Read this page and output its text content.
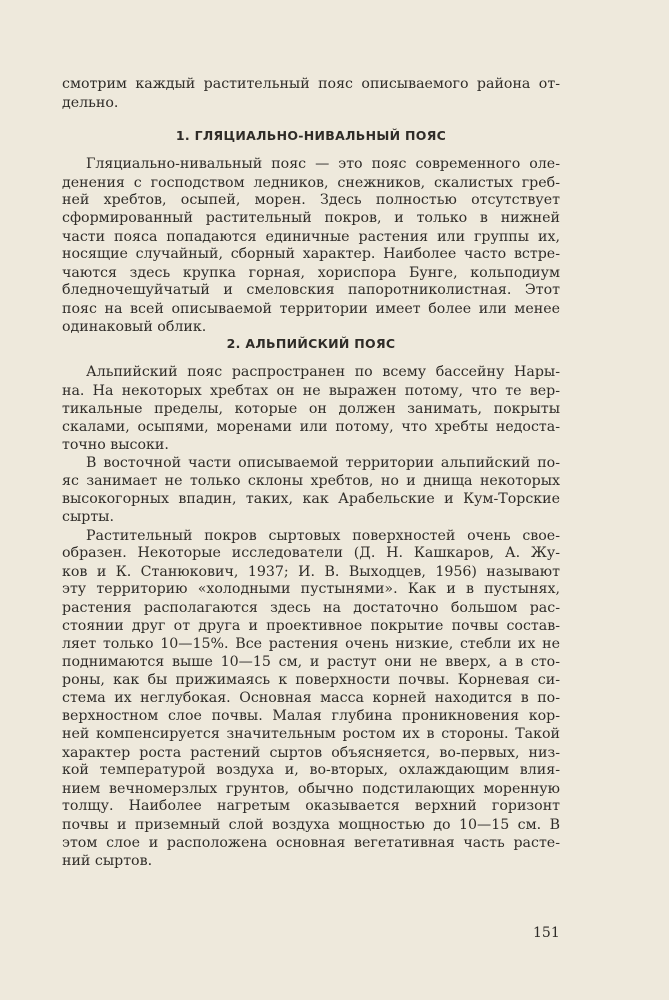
смотрим каждый растительный пояс описываемого района от-
дельно.
1. ГЛЯЦИАЛЬНО-НИВАЛЬНЫЙ ПОЯС
Гляциально-нивальный пояс — это пояс современного оле-
денения с господством ледников, снежников, скалистых греб-
ней хребтов, осыпей, морен. Здесь полностью отсутствует
сформированный растительный покров, и только в нижней
части пояса попадаются единичные растения или группы их,
носящие случайный, сборный характер. Наиболее часто встре-
чаются здесь крупка горная, хориспора Бунге, кольподиум
бледночешуйчатый и смеловския папоротниколистная. Этот
пояс на всей описываемой территории имеет более или менее
одинаковый облик.
2. АЛЬПИЙСКИЙ ПОЯС
Альпийский пояс распространен по всему бассейну Нары-
на. На некоторых хребтах он не выражен потому, что те вер-
тикальные пределы, которые он должен занимать, покрыты
скалами, осыпями, моренами или потому, что хребты недоста-
точно высоки.
В восточной части описываемой территории альпийский по-
яс занимает не только склоны хребтов, но и днища некоторых
высокогорных впадин, таких, как Арабельские и Кум-Торские
сырты.
Растительный покров сыртовых поверхностей очень свое-
образен. Некоторые исследователи (Д. Н. Кашкаров, А. Жу-
ков и К. Станюкович, 1937; И. В. Выходцев, 1956) называют
эту территорию «холодными пустынями». Как и в пустынях,
растения располагаются здесь на достаточно большом рас-
стоянии друг от друга и проективное покрытие почвы состав-
ляет только 10—15%. Все растения очень низкие, стебли их не
поднимаются выше 10—15 см, и растут они не вверх, а в сто-
роны, как бы прижимаясь к поверхности почвы. Корневая си-
стема их неглубокая. Основная масса корней находится в по-
верхностном слое почвы. Малая глубина проникновения кор-
ней компенсируется значительным ростом их в стороны. Такой
характер роста растений сыртов объясняется, во-первых, низ-
кой температурой воздуха и, во-вторых, охлаждающим влия-
нием вечномерзлых грунтов, обычно подстилающих моренную
толщу. Наиболее нагретым оказывается верхний горизонт
почвы и приземный слой воздуха мощностью до 10—15 см. В
этом слое и расположена основная вегетативная часть расте-
ний сыртов.
151
